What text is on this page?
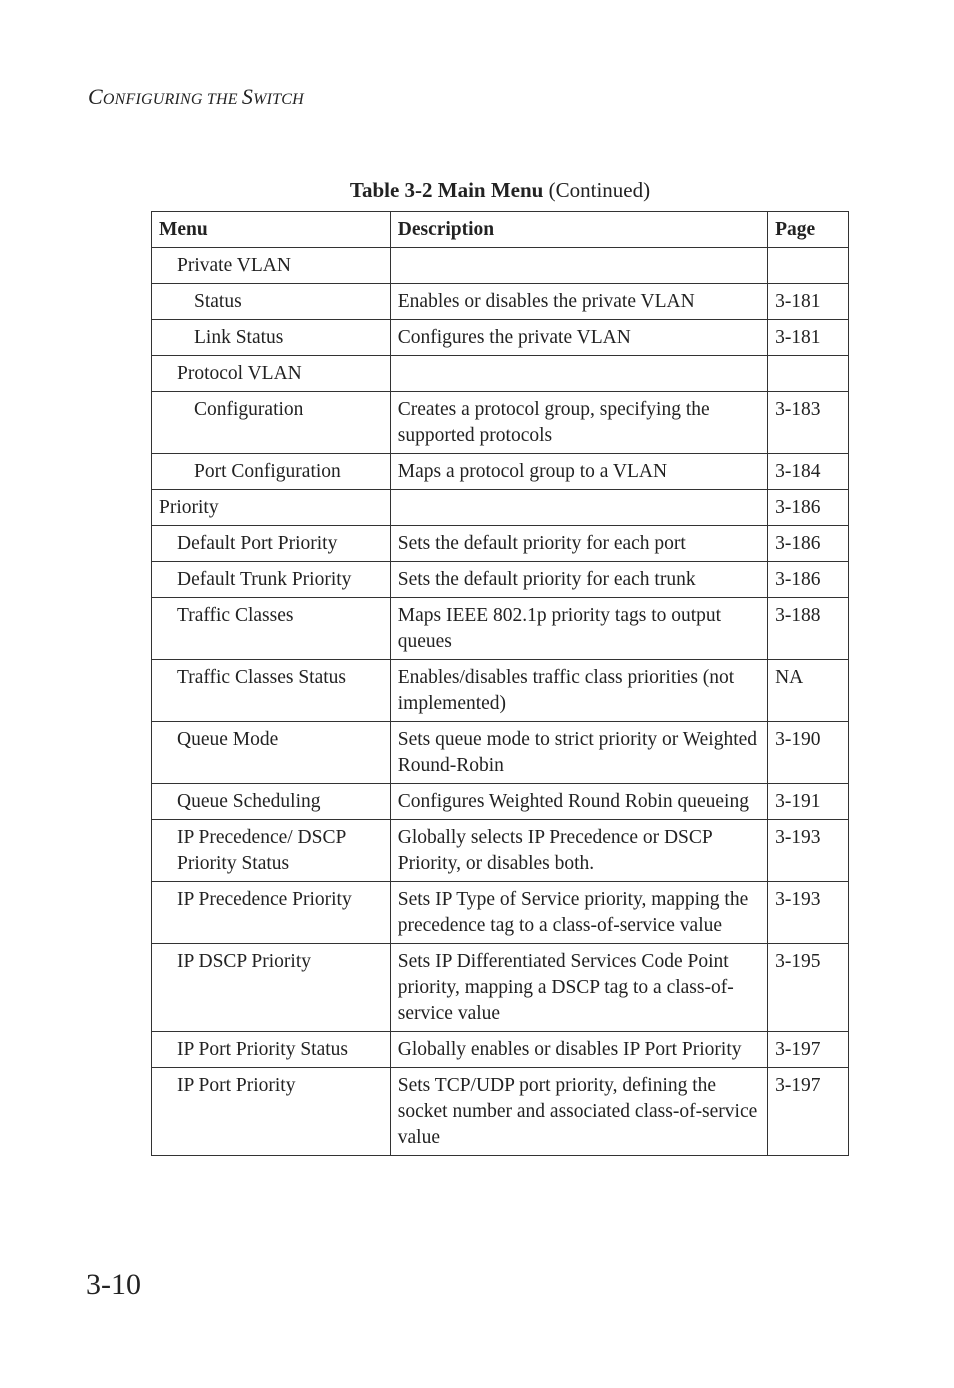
CONFIGURING THE SWITCH
Table 3-2 Main Menu (Continued)
Menu	Description	Page
Private VLAN		
Status	Enables or disables the private VLAN	3-181
Link Status	Configures the private VLAN	3-181
Protocol VLAN		
Configuration	Creates a protocol group, specifying the supported protocols	3-183
Port Configuration	Maps a protocol group to a VLAN	3-184
Priority		3-186
Default Port Priority	Sets the default priority for each port	3-186
Default Trunk Priority	Sets the default priority for each trunk	3-186
Traffic Classes	Maps IEEE 802.1p priority tags to output queues	3-188
Traffic Classes Status	Enables/disables traffic class priorities (not implemented)	NA
Queue Mode	Sets queue mode to strict priority or Weighted Round-Robin	3-190
Queue Scheduling	Configures Weighted Round Robin queueing	3-191
IP Precedence/ DSCP Priority Status	Globally selects IP Precedence or DSCP Priority, or disables both.	3-193
IP Precedence Priority	Sets IP Type of Service priority, mapping the precedence tag to a class-of-service value	3-193
IP DSCP Priority	Sets IP Differentiated Services Code Point priority, mapping a DSCP tag to a class-of-service value	3-195
IP Port Priority Status	Globally enables or disables IP Port Priority	3-197
IP Port Priority	Sets TCP/UDP port priority, defining the socket number and associated class-of-service value	3-197
3-10
